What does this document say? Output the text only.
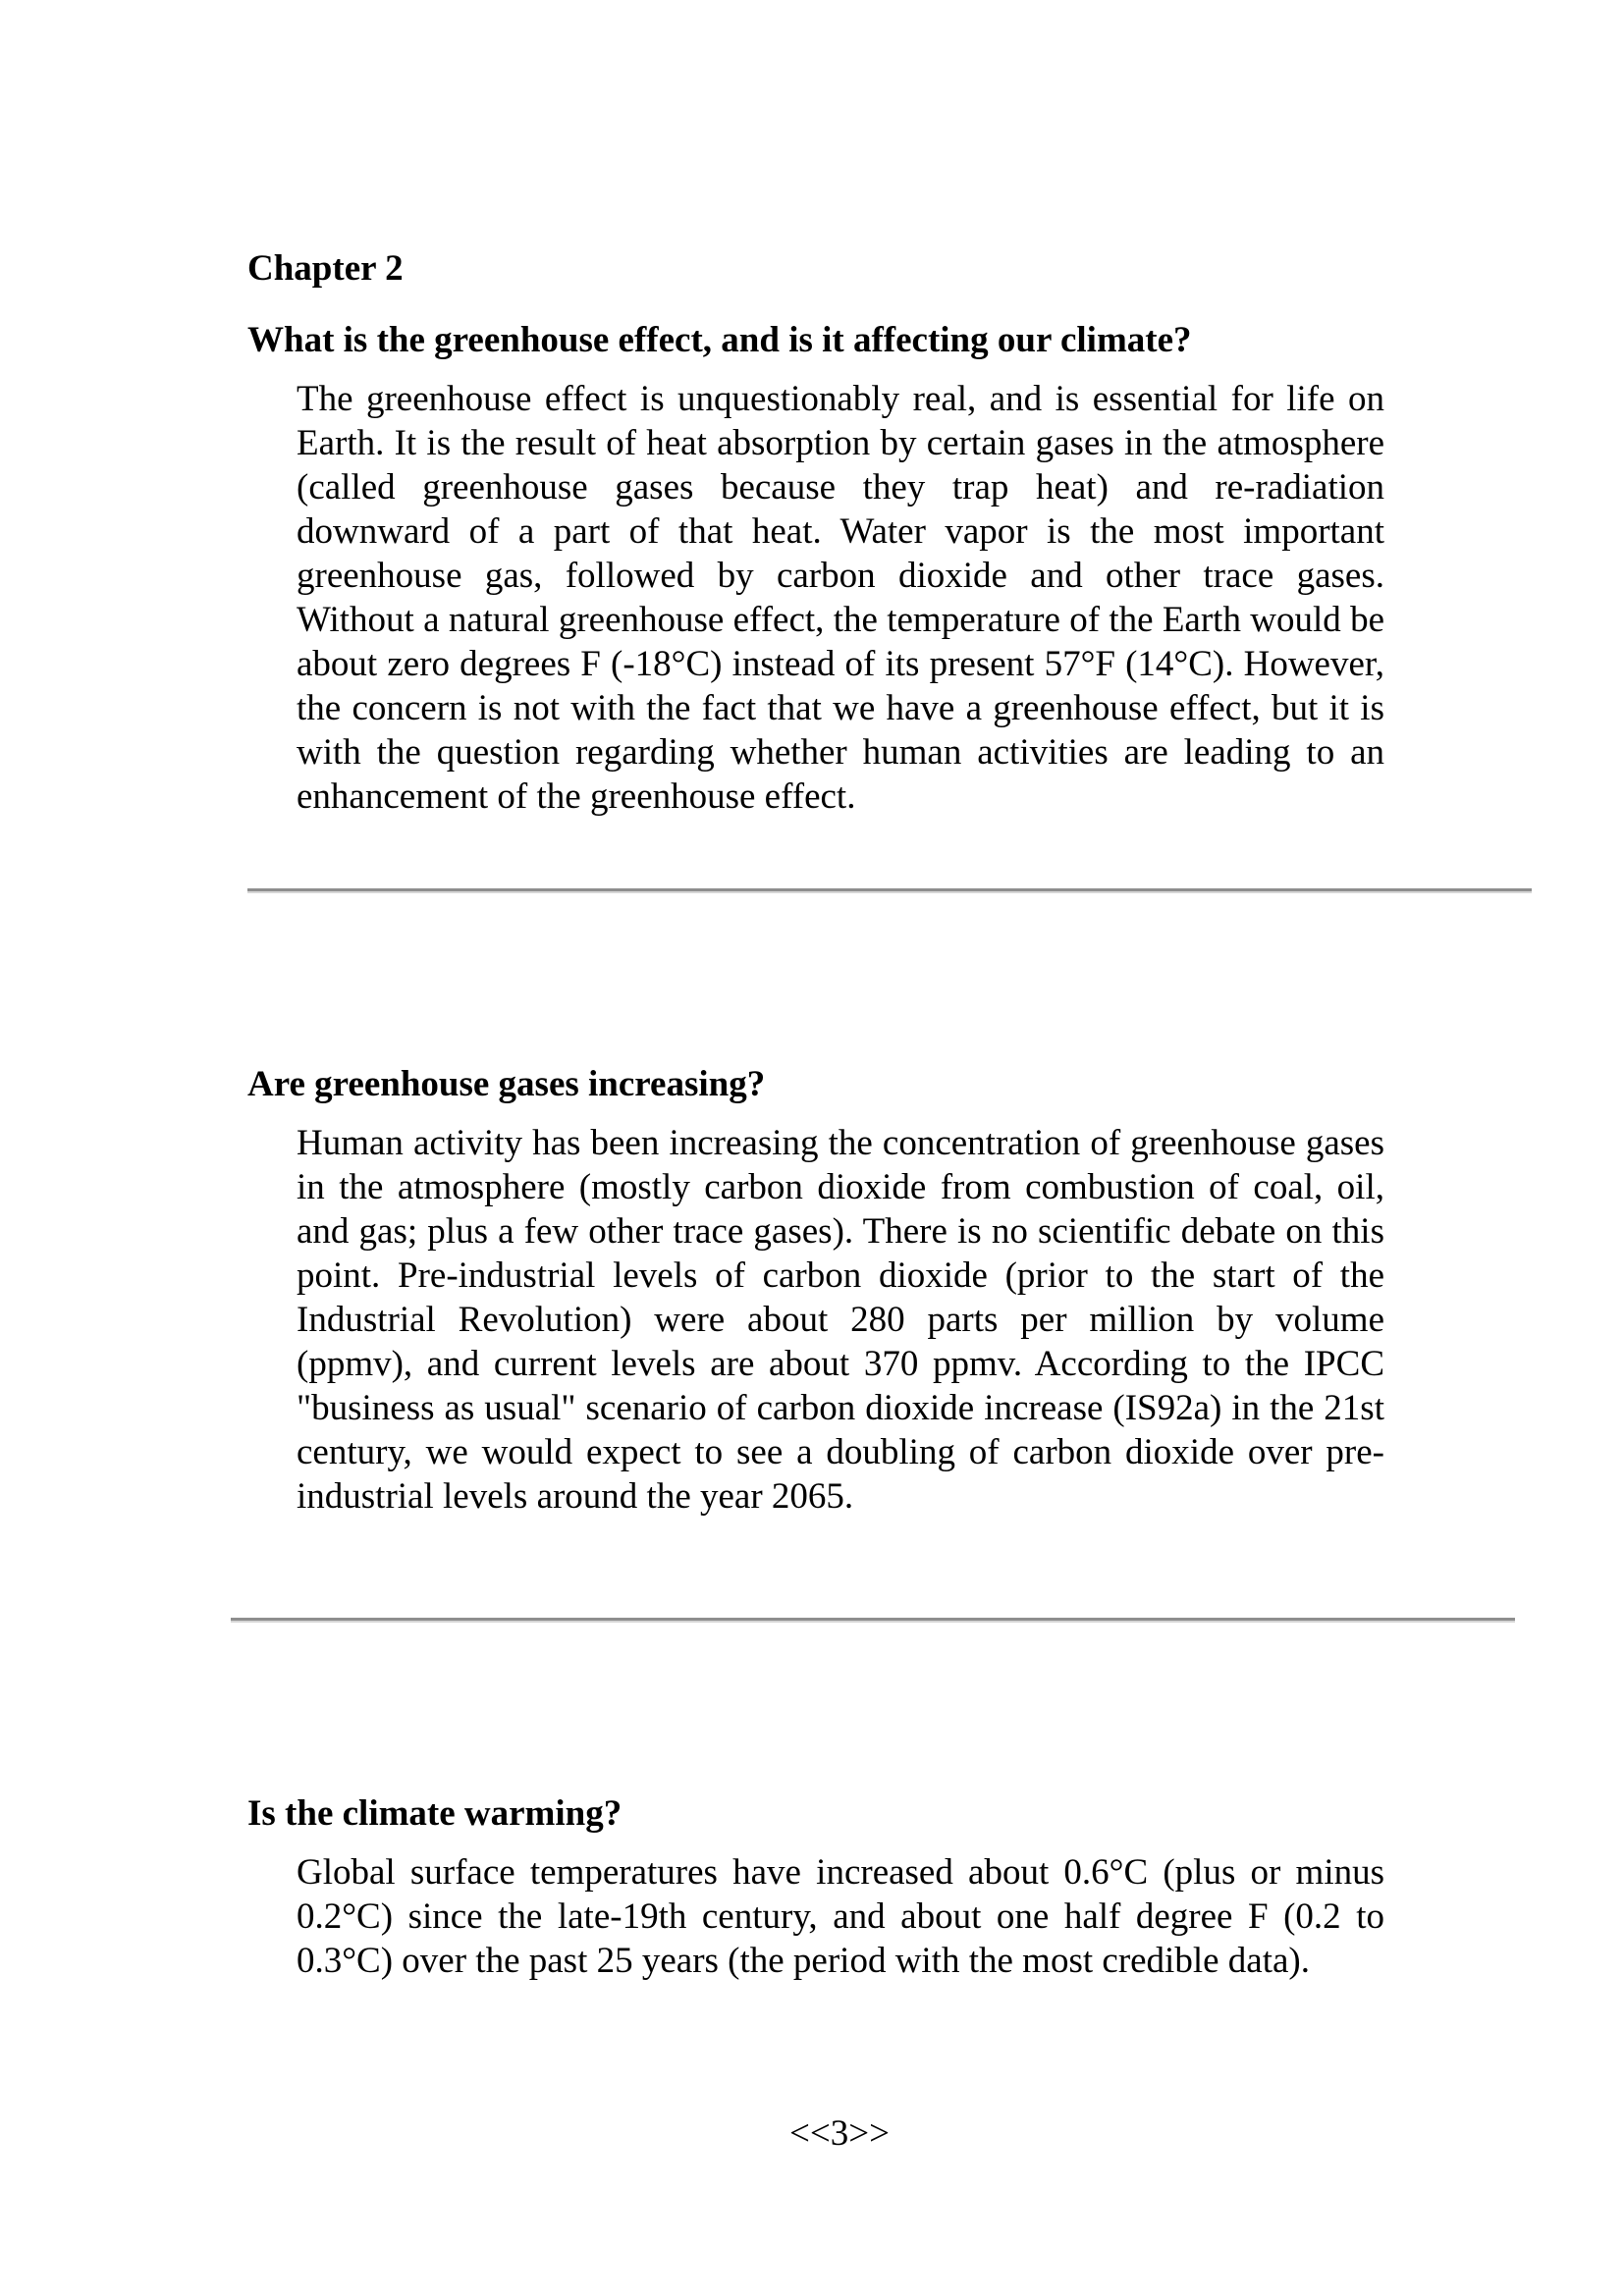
Chapter 2
What is the greenhouse effect, and is it affecting our climate?

The greenhouse effect is unquestionably real, and is essential for life on Earth. It is the result of heat absorption by certain gases in the atmosphere (called greenhouse gases because they trap heat) and re-radiation downward of a part of that heat. Water vapor is the most important greenhouse gas, followed by carbon dioxide and other trace gases. Without a natural greenhouse effect, the temperature of the Earth would be about zero degrees F (-18°C) instead of its present 57°F (14°C). However, the concern is not with the fact that we have a greenhouse effect, but it is with the question regarding whether human activities are leading to an enhancement of the greenhouse effect.

Are greenhouse gases increasing?

Human activity has been increasing the concentration of greenhouse gases in the atmosphere (mostly carbon dioxide from combustion of coal, oil, and gas; plus a few other trace gases). There is no scientific debate on this point. Pre-industrial levels of carbon dioxide (prior to the start of the Industrial Revolution) were about 280 parts per million by volume (ppmv), and current levels are about 370 ppmv. According to the IPCC "business as usual" scenario of carbon dioxide increase (IS92a) in the 21st century, we would expect to see a doubling of carbon dioxide over pre-industrial levels around the year 2065.

Is the climate warming?

Global surface temperatures have increased about 0.6°C (plus or minus 0.2°C) since the late-19th century, and about one half degree F (0.2 to 0.3°C) over the past 25 years (the period with the most credible data).

<<3>>
